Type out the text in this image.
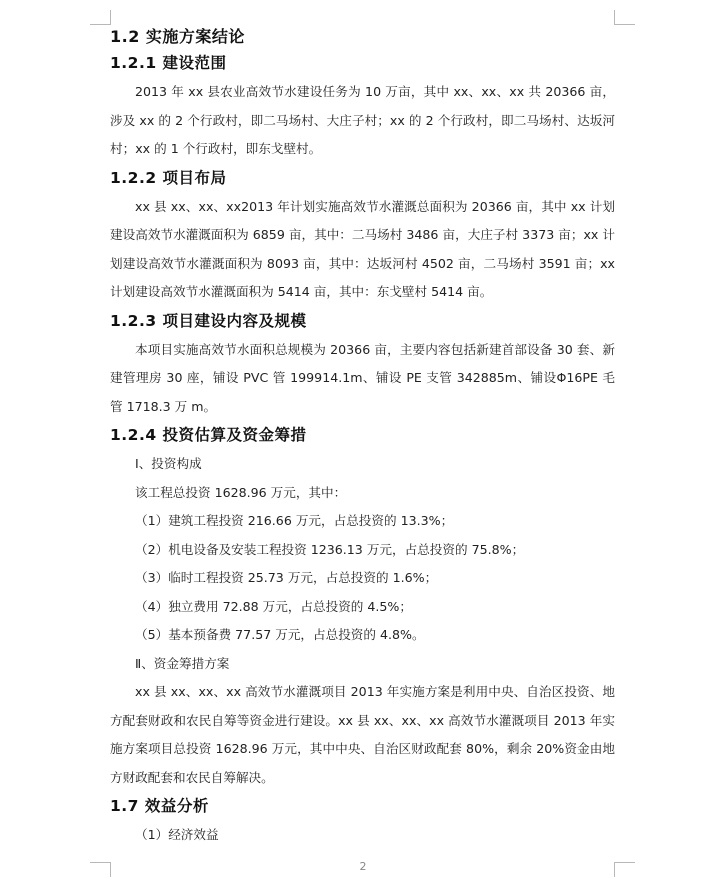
1.2 实施方案结论
1.2.1 建设范围

2013 年 xx 县农业高效节水建设任务为 10 万亩，其中 xx、xx、xx 共 20366 亩，涉及 xx 的 2 个行政村，即二马场村、大庄子村；xx 的 2 个行政村，即二马场村、达坂河村；xx 的 1 个行政村，即东戈壁村。

1.2.2 项目布局

xx 县 xx、xx、xx2013 年计划实施高效节水灌溉总面积为 20366 亩，其中 xx 计划建设高效节水灌溉面积为 6859 亩，其中：二马场村 3486 亩，大庄子村 3373 亩；xx 计划建设高效节水灌溉面积为 8093 亩，其中：达坂河村 4502 亩，二马场村 3591 亩；xx 计划建设高效节水灌溉面积为 5414 亩，其中：东戈壁村 5414 亩。

1.2.3 项目建设内容及规模

本项目实施高效节水面积总规模为 20366 亩，主要内容包括新建首部设备 30 套、新建管理房 30 座，铺设 PVC 管 199914.1m、铺设 PE 支管 342885m、铺设Φ16PE 毛管 1718.3 万 m。

1.2.4 投资估算及资金筹措

Ⅰ、投资构成

该工程总投资 1628.96 万元，其中：

（1）建筑工程投资 216.66 万元，占总投资的 13.3%；

（2）机电设备及安装工程投资 1236.13 万元，占总投资的 75.8%；

（3）临时工程投资 25.73 万元，占总投资的 1.6%；

（4）独立费用 72.88 万元，占总投资的 4.5%；

（5）基本预备费 77.57 万元，占总投资的 4.8%。

Ⅱ、资金筹措方案

xx 县 xx、xx、xx 高效节水灌溉项目 2013 年实施方案是利用中央、自治区投资、地方配套财政和农民自筹等资金进行建设。xx 县 xx、xx、xx 高效节水灌溉项目 2013 年实施方案项目总投资 1628.96 万元，其中中央、自治区财政配套 80%，剩余 20%资金由地方财政配套和农民自筹解决。

1.7 效益分析

（1）经济效益

2
